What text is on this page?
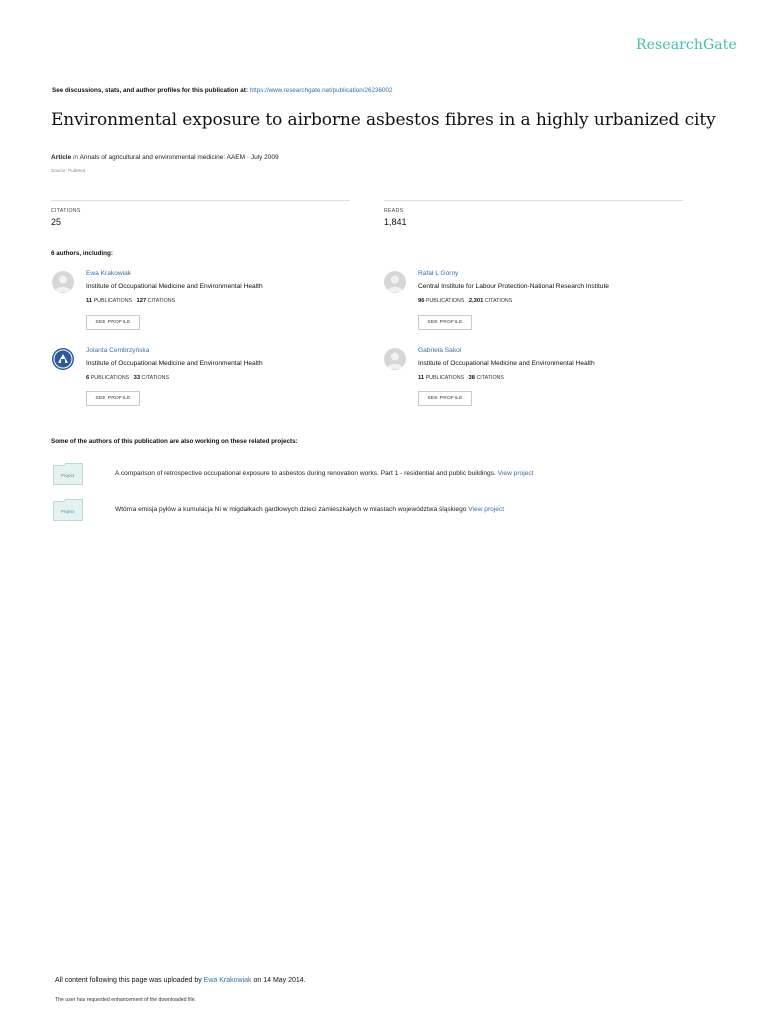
ResearchGate
See discussions, stats, and author profiles for this publication at: https://www.researchgate.net/publication/26236002
Environmental exposure to airborne asbestos fibres in a highly urbanized city
Article in Annals of agricultural and environmental medicine: AAEM · July 2009
Source: PubMed
CITATIONS
25
READS
1,841
6 authors, including:
Ewa Krakowiak
Institute of Occupational Medicine and Environmental Health
11 PUBLICATIONS 127 CITATIONS
SEE PROFILE
Rafał L Górny
Central Institute for Labour Protection-National Research Institute
96 PUBLICATIONS 2,301 CITATIONS
SEE PROFILE
Jolanta Cembrzyńska
Institute of Occupational Medicine and Environmental Health
6 PUBLICATIONS 33 CITATIONS
SEE PROFILE
Gabriela Sakol
Institute of Occupational Medicine and Environmental Health
11 PUBLICATIONS 38 CITATIONS
SEE PROFILE
Some of the authors of this publication are also working on these related projects:
Project	A comparison of retrospective occupational exposure to asbestos during renovation works. Part 1 - residential and public buildings. View project
Project	Wtórna emisja pyłów a kumulacja Ni w migdałkach gardłowych dzieci zamieszkałych w miastach województwa śląskiego View project
All content following this page was uploaded by Ewa Krakowiak on 14 May 2014.
The user has requested enhancement of the downloaded file.
